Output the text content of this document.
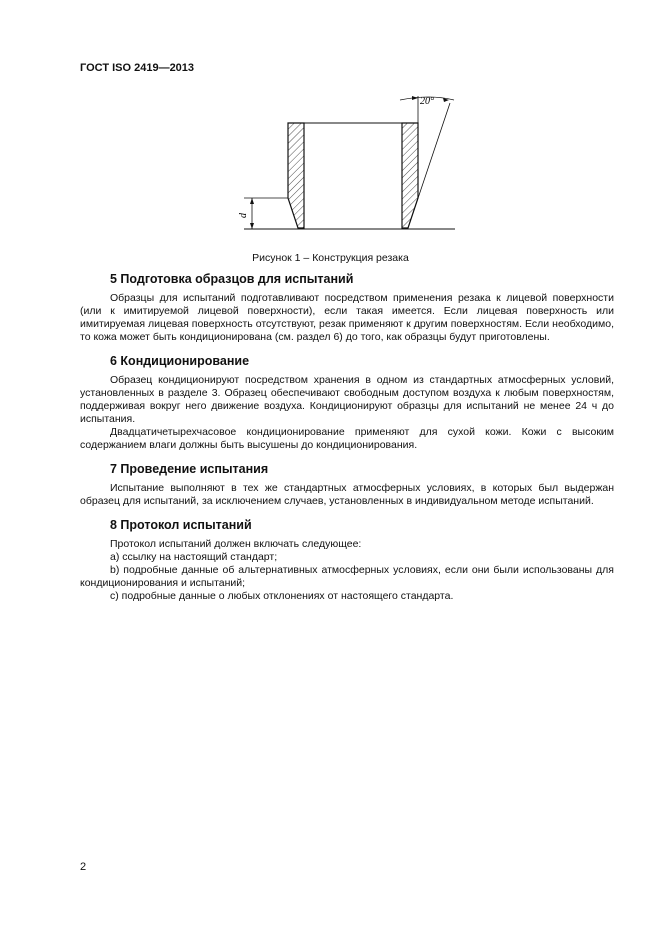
ГОСТ ISO 2419—2013
d
20°
Рисунок 1 – Конструкция резака
5 Подготовка образцов для испытаний

Образцы для испытаний подготавливают посредством применения резака к лицевой поверхности (или к имитируемой лицевой поверхности), если такая имеется. Если лицевая поверхность или имитируемая лицевая поверхность отсутствуют, резак применяют к другим поверхностям. Если необходимо, то кожа может быть кондиционирована (см. раздел 6) до того, как образцы будут приготовлены.

6 Кондиционирование

Образец кондиционируют посредством хранения в одном из стандартных атмосферных условий, установленных в разделе 3. Образец обеспечивают свободным доступом воздуха к любым поверхностям, поддерживая вокруг него движение воздуха. Кондиционируют образцы для испытаний не менее 24 ч до испытания.

Двадцатичетырехчасовое кондиционирование применяют для сухой кожи. Кожи с высоким содержанием влаги должны быть высушены до кондиционирования.

7 Проведение испытания

Испытание выполняют в тех же стандартных атмосферных условиях, в которых был выдержан образец для испытаний, за исключением случаев, установленных в индивидуальном методе испытаний.

8 Протокол испытаний

Протокол испытаний должен включать следующее:

a) ссылку на настоящий стандарт;

b) подробные данные об альтернативных атмосферных условиях, если они были использованы для кондиционирования и испытаний;

c) подробные данные о любых отклонениях от настоящего стандарта.

2
